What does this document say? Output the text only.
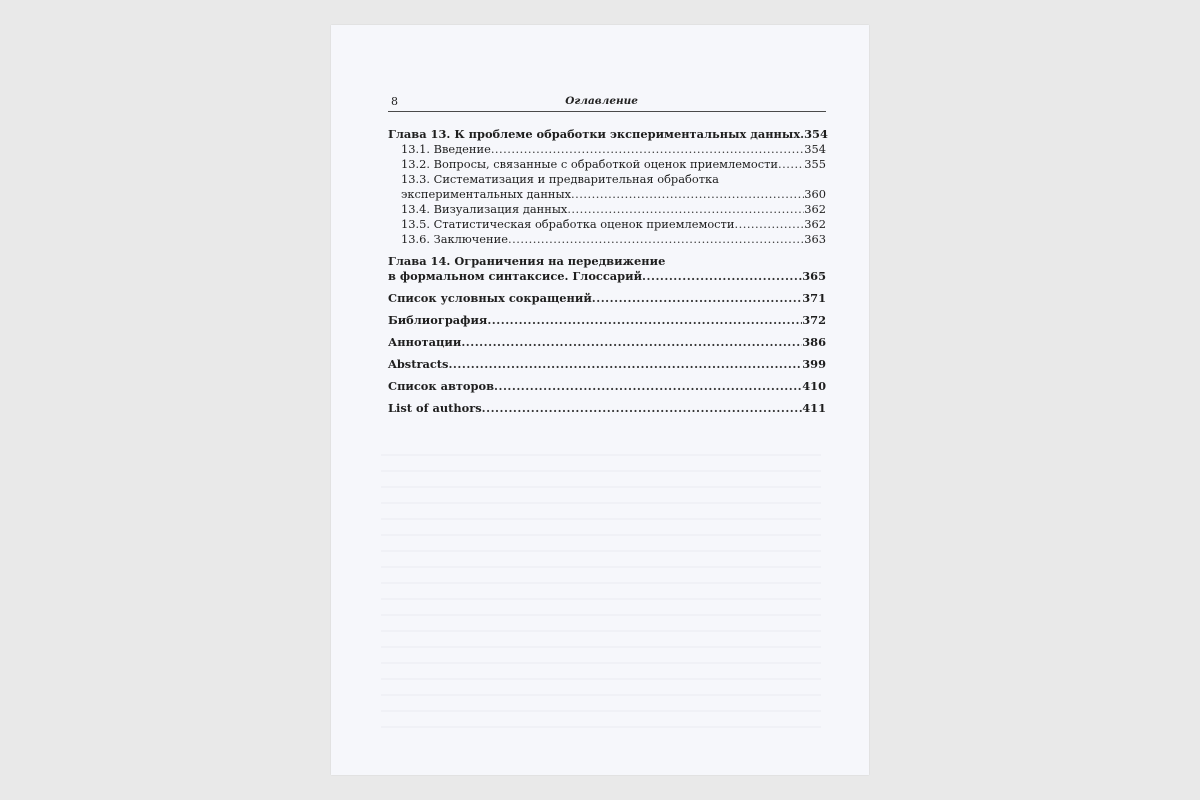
8	Оглавление
Глава 13. К проблеме обработки экспериментальных данных ..... 354
13.1. Введение .....	354
13.2. Вопросы, связанные с обработкой оценок приемлемости ..... 355
13.3. Систематизация и предварительная обработка
экспериментальных данных .....	360
13.4. Визуализация данных .....	362
13.5. Статистическая обработка оценок приемлемости .....	362
13.6. Заключение .....	363
Глава 14. Ограничения на передвижение
в формальном синтаксисе. Глоссарий .....	365
Список условных сокращений .....	371
Библиография .....	372
Аннотации .....	386
Abstracts .....	399
Список авторов .....	410
List of authors .....	411
